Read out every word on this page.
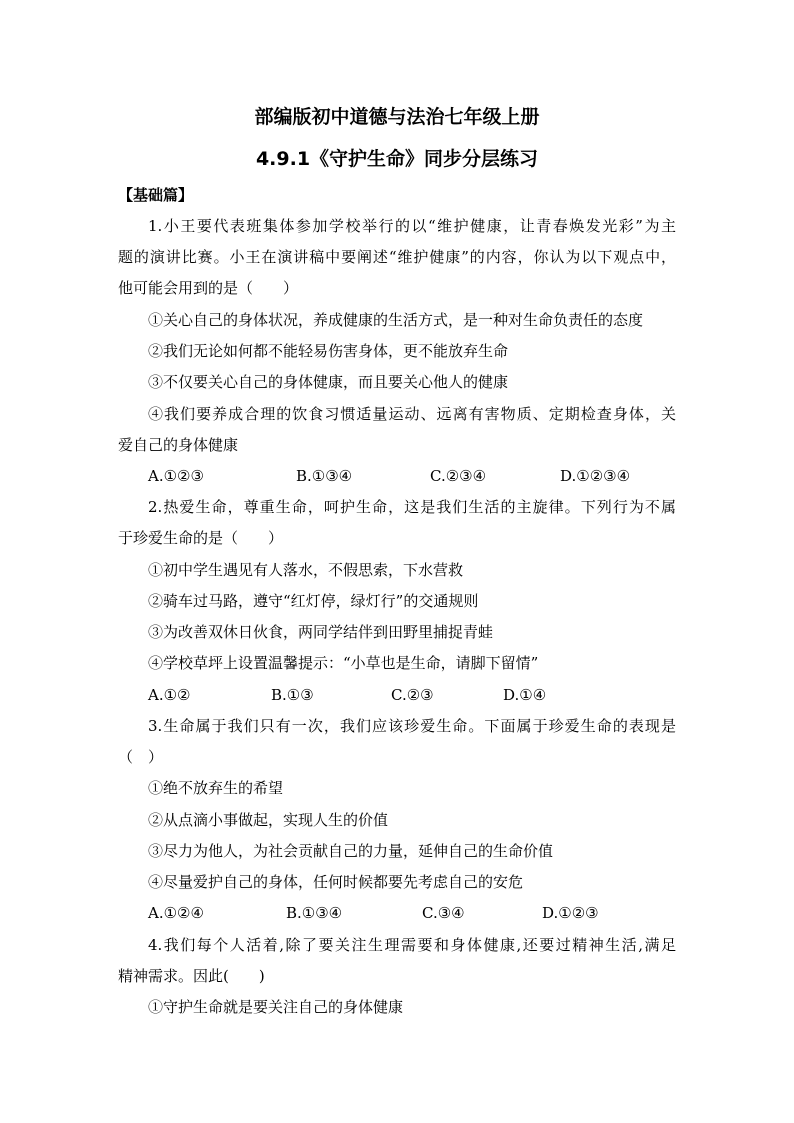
部编版初中道德与法治七年级上册
4.9.1《守护生命》同步分层练习
【基础篇】
1.小王要代表班集体参加学校举行的以“维护健康，让青春焕发光彩”为主
题的演讲比赛。小王在演讲稿中要阐述“维护健康”的内容，你认为以下观点中，
他可能会用到的是（　　）
①关心自己的身体状况，养成健康的生活方式，是一种对生命负责任的态度
②我们无论如何都不能轻易伤害身体，更不能放弃生命
③不仅要关心自己的身体健康，而且要关心他人的健康
④我们要养成合理的饮食习惯适量运动、远离有害物质、定期检查身体，关
爱自己的身体健康
A.①②③	B.①③④	C.②③④	D.①②③④
2.热爱生命，尊重生命，呵护生命，这是我们生活的主旋律。下列行为不属
于珍爱生命的是（　　）
①初中学生遇见有人落水，不假思索，下水营救
②骑车过马路，遵守“红灯停，绿灯行”的交通规则
③为改善双休日伙食，两同学结伴到田野里捕捉青蛙
④学校草坪上设置温馨提示：“小草也是生命，请脚下留情”
A.①②	B.①③	C.②③	D.①④
3.生命属于我们只有一次，我们应该珍爱生命。下面属于珍爱生命的表现是
（　）
①绝不放弃生的希望
②从点滴小事做起，实现人生的价值
③尽力为他人，为社会贡献自己的力量，延伸自己的生命价值
④尽量爱护自己的身体，任何时候都要先考虑自己的安危
A.①②④	B.①③④	C.③④	D.①②③
4.我们每个人活着,除了要关注生理需要和身体健康,还要过精神生活,满足
精神需求。因此(　　)
①守护生命就是要关注自己的身体健康
